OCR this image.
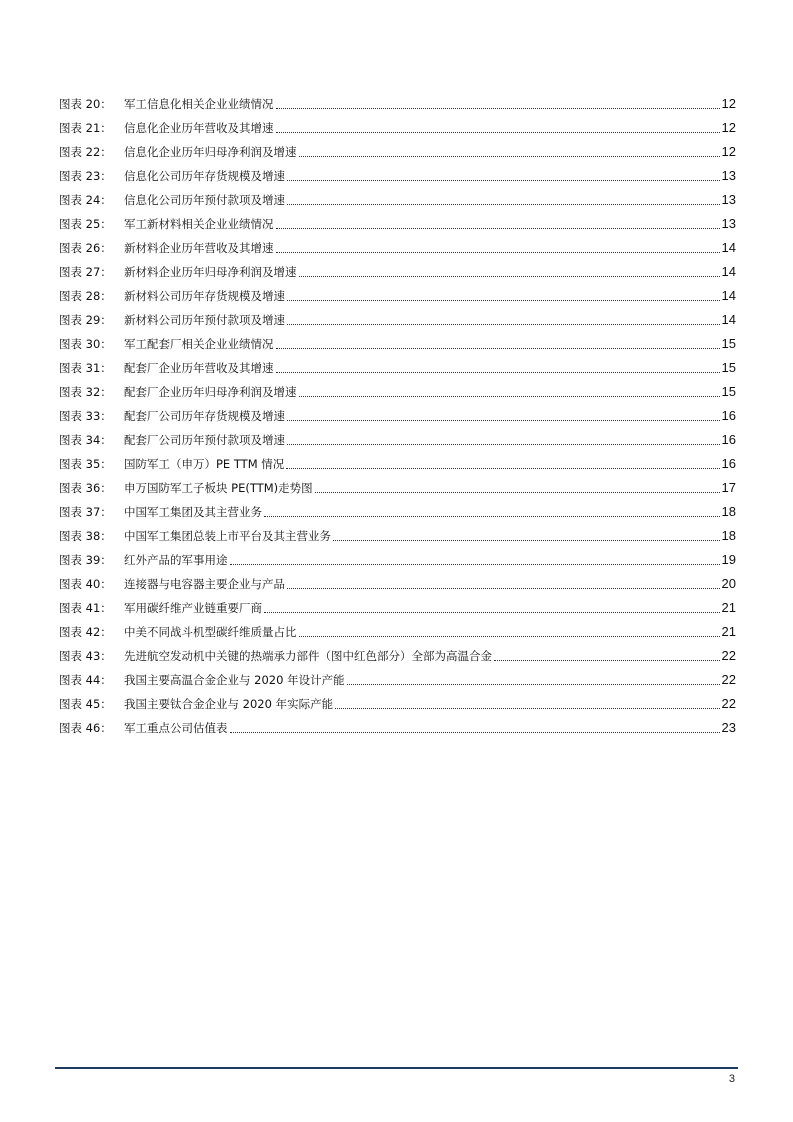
图表 20：	军工信息化相关企业业绩情况	12
图表 21：	信息化企业历年营收及其增速	12
图表 22：	信息化企业历年归母净利润及增速	12
图表 23：	信息化公司历年存货规模及增速	13
图表 24：	信息化公司历年预付款项及增速	13
图表 25：	军工新材料相关企业业绩情况	13
图表 26：	新材料企业历年营收及其增速	14
图表 27：	新材料企业历年归母净利润及增速	14
图表 28：	新材料公司历年存货规模及增速	14
图表 29：	新材料公司历年预付款项及增速	14
图表 30：	军工配套厂相关企业业绩情况	15
图表 31：	配套厂企业历年营收及其增速	15
图表 32：	配套厂企业历年归母净利润及增速	15
图表 33：	配套厂公司历年存货规模及增速	16
图表 34：	配套厂公司历年预付款项及增速	16
图表 35：	国防军工（申万）PE TTM 情况	16
图表 36：	申万国防军工子板块 PE(TTM)走势图	17
图表 37：	中国军工集团及其主营业务	18
图表 38：	中国军工集团总装上市平台及其主营业务	18
图表 39：	红外产品的军事用途	19
图表 40：	连接器与电容器主要企业与产品	20
图表 41：	军用碳纤维产业链重要厂商	21
图表 42：	中美不同战斗机型碳纤维质量占比	21
图表 43：	先进航空发动机中关键的热端承力部件（图中红色部分）全部为高温合金	22
图表 44：	我国主要高温合金企业与 2020 年设计产能	22
图表 45：	我国主要钛合金企业与 2020 年实际产能	22
图表 46：	军工重点公司估值表	23
3
